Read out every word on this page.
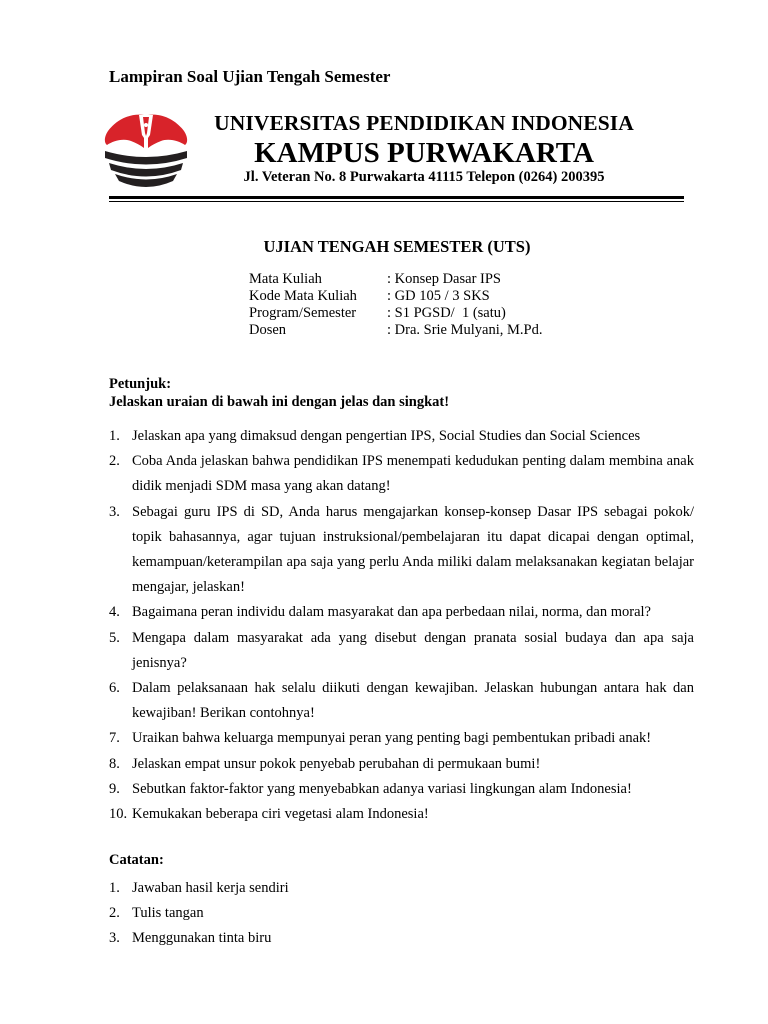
Lampiran Soal Ujian Tengah Semester
UNIVERSITAS PENDIDIKAN INDONESIA
KAMPUS PURWAKARTA
Jl. Veteran No. 8 Purwakarta 41115 Telepon (0264) 200395
UJIAN TENGAH SEMESTER (UTS)
Mata Kuliah	: Konsep Dasar IPS
Kode Mata Kuliah	: GD 105 / 3 SKS
Program/Semester	: S1 PGSD/  1 (satu)
Dosen	: Dra. Srie Mulyani, M.Pd.
Petunjuk:
Jelaskan uraian di bawah ini dengan jelas dan singkat!
1. Jelaskan apa yang dimaksud dengan pengertian IPS, Social Studies dan Social Sciences
2. Coba Anda jelaskan bahwa pendidikan IPS menempati kedudukan penting dalam membina anak didik menjadi SDM masa yang akan datang!
3. Sebagai guru IPS di SD, Anda harus mengajarkan konsep-konsep Dasar IPS sebagai pokok/ topik bahasannya, agar tujuan instruksional/pembelajaran itu dapat dicapai dengan optimal, kemampuan/keterampilan apa saja yang perlu Anda miliki dalam melaksanakan kegiatan belajar mengajar, jelaskan!
4. Bagaimana peran individu dalam masyarakat dan apa perbedaan nilai, norma, dan moral?
5. Mengapa dalam masyarakat ada yang disebut dengan pranata sosial budaya dan apa saja jenisnya?
6. Dalam pelaksanaan hak selalu diikuti dengan kewajiban. Jelaskan hubungan antara hak dan kewajiban! Berikan contohnya!
7. Uraikan bahwa keluarga mempunyai peran yang penting bagi pembentukan pribadi anak!
8. Jelaskan empat unsur pokok penyebab perubahan di permukaan bumi!
9. Sebutkan faktor-faktor yang menyebabkan adanya variasi lingkungan alam Indonesia!
10. Kemukakan beberapa ciri vegetasi alam Indonesia!
Catatan:
1. Jawaban hasil kerja sendiri
2. Tulis tangan
3. Menggunakan tinta biru
